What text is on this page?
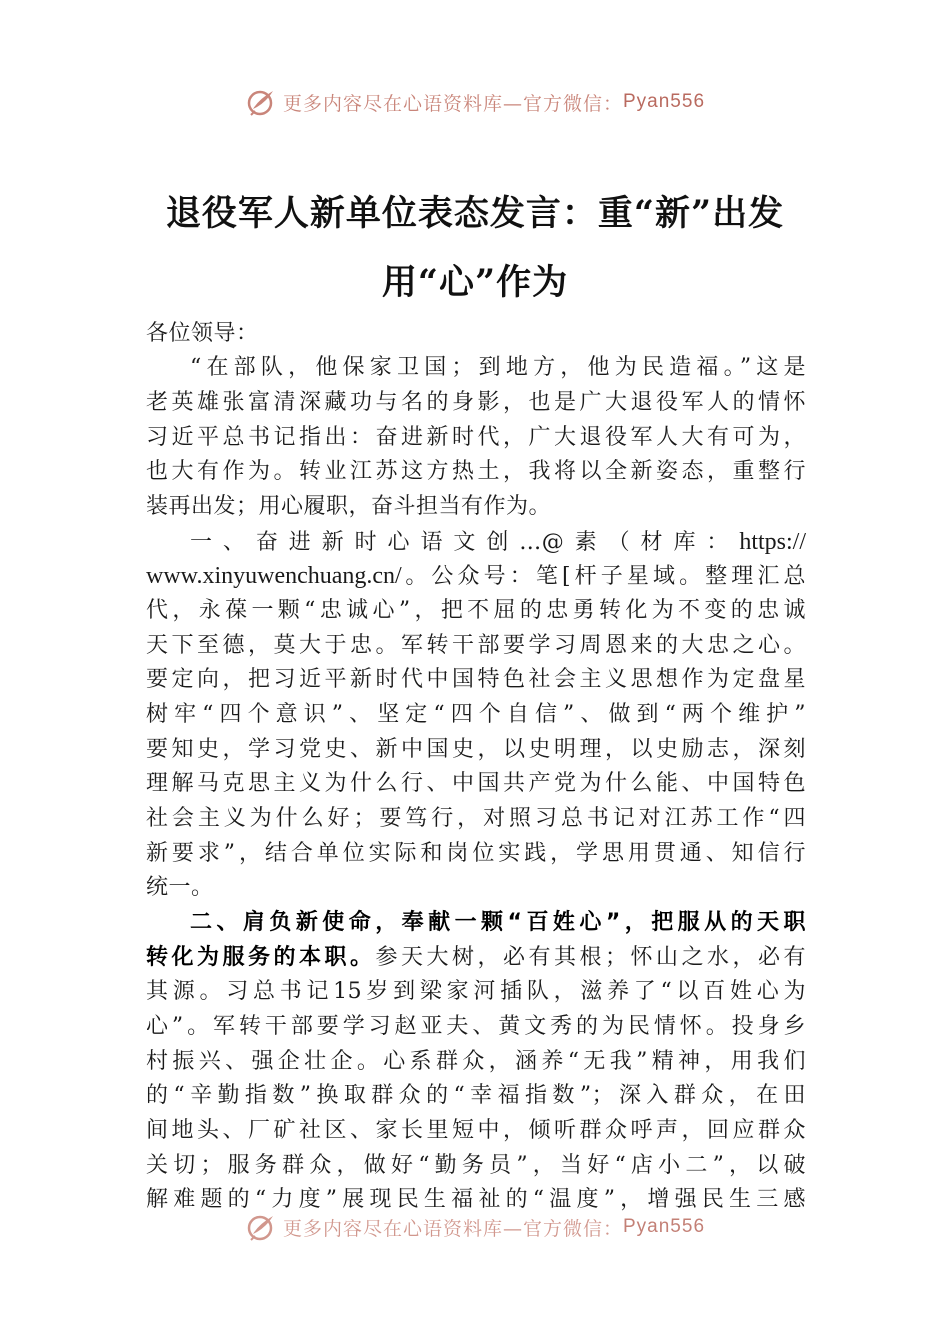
更多内容尽在心语资料库—官方微信： Pyan556
退役军人新单位表态发言：重“新”出发
用“心”作为
各位领导：
“在部队，他保家卫国；到地方，他为民造福。”这是
老英雄张富清深藏功与名的身影，也是广大退役军人的情怀
习近平总书记指出：奋进新时代，广大退役军人大有可为，
也大有作为。转业江苏这方热土，我将以全新姿态，重整行
装再出发；用心履职，奋斗担当有作为。
一、奋进新时心语文创…@素（材库：https://
www.xinyuwenchuang.cn/。公众号：笔[杆子星域。整理汇总
代，永葆一颗“忠诚心”，把不屈的忠勇转化为不变的忠诚
天下至德，莫大于忠。军转干部要学习周恩来的大忠之心。
要定向，把习近平新时代中国特色社会主义思想作为定盘星
树牢“四个意识”、坚定“四个自信”、做到“两个维护”
要知史，学习党史、新中国史，以史明理，以史励志，深刻
理解马克思主义为什么行、中国共产党为什么能、中国特色
社会主义为什么好；要笃行，对照习总书记对江苏工作“四
新要求”，结合单位实际和岗位实践，学思用贯通、知信行
统一。
二、肩负新使命，奉献一颗“百姓心”，把服从的天职
转化为服务的本职。参天大树，必有其根；怀山之水，必有
其源。习总书记15岁到梁家河插队，滋养了“以百姓心为
心”。军转干部要学习赵亚夫、黄文秀的为民情怀。投身乡
村振兴、强企壮企。心系群众，涵养“无我”精神，用我们
的“辛勤指数”换取群众的“幸福指数”；深入群众，在田
间地头、厂矿社区、家长里短中，倾听群众呼声，回应群众
关切；服务群众，做好“勤务员”，当好“店小二”，以破
解难题的“力度”展现民生福祉的“温度”，增强民生三感
更多内容尽在心语资料库—官方微信： Pyan556
